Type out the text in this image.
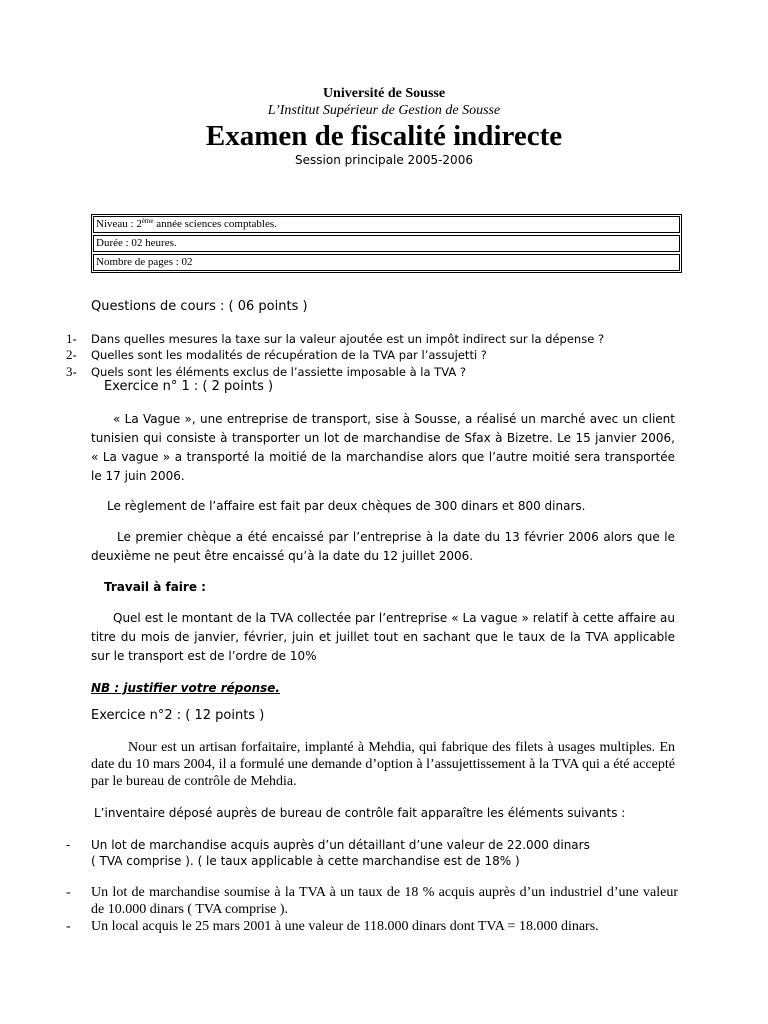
Université de Sousse
L’Institut Supérieur de Gestion de Sousse
Examen de fiscalité indirecte
Session principale 2005-2006
Niveau : 2ème année sciences comptables.
Durée : 02 heures.
Nombre de pages : 02
Questions de cours : ( 06 points )
1- Dans quelles mesures la taxe sur la valeur ajoutée est un impôt indirect sur la dépense ?
2- Quelles sont les modalités de récupération de la TVA par l’assujetti ?
3- Quels sont les éléments exclus de l’assiette imposable à la TVA ?
Exercice n° 1 : ( 2 points )
« La Vague », une entreprise de transport, sise à Sousse, a réalisé un marché avec un client tunisien qui consiste à transporter un lot de marchandise de Sfax à Bizetre. Le 15 janvier 2006, « La vague » a transporté la moitié de la marchandise alors que l’autre moitié sera transportée le 17 juin 2006.
Le règlement de l’affaire est fait par deux chèques de 300 dinars et 800 dinars.
Le premier chèque a été encaissé par l’entreprise à la date du 13 février 2006 alors que le deuxième ne peut être encaissé qu’à la date du 12 juillet 2006.
Travail à faire :
Quel est le montant de la TVA collectée par l’entreprise « La vague » relatif à cette affaire au titre du mois de janvier, février, juin et juillet tout en sachant que le taux de la TVA applicable sur le transport est de l’ordre de 10%
NB : justifier votre réponse.
Exercice n°2 : ( 12 points )
Nour est un artisan forfaitaire, implanté à Mehdia, qui fabrique des filets à usages multiples. En date du 10 mars 2004, il a formulé une demande d’option à l’assujettissement à la TVA qui a été accepté par le bureau de contrôle de Mehdia.
L’inventaire déposé auprès de bureau de contrôle fait apparaître les éléments suivants :
- Un lot de marchandise acquis auprès d’un détaillant d’une valeur de 22.000 dinars
( TVA comprise ). ( le taux applicable à cette marchandise est de 18% )
- Un lot de marchandise soumise à la TVA à un taux de 18 % acquis auprès d’un industriel d’une valeur de 10.000 dinars ( TVA comprise ).
- Un local acquis le 25 mars 2001 à une valeur de 118.000 dinars dont TVA = 18.000 dinars.
